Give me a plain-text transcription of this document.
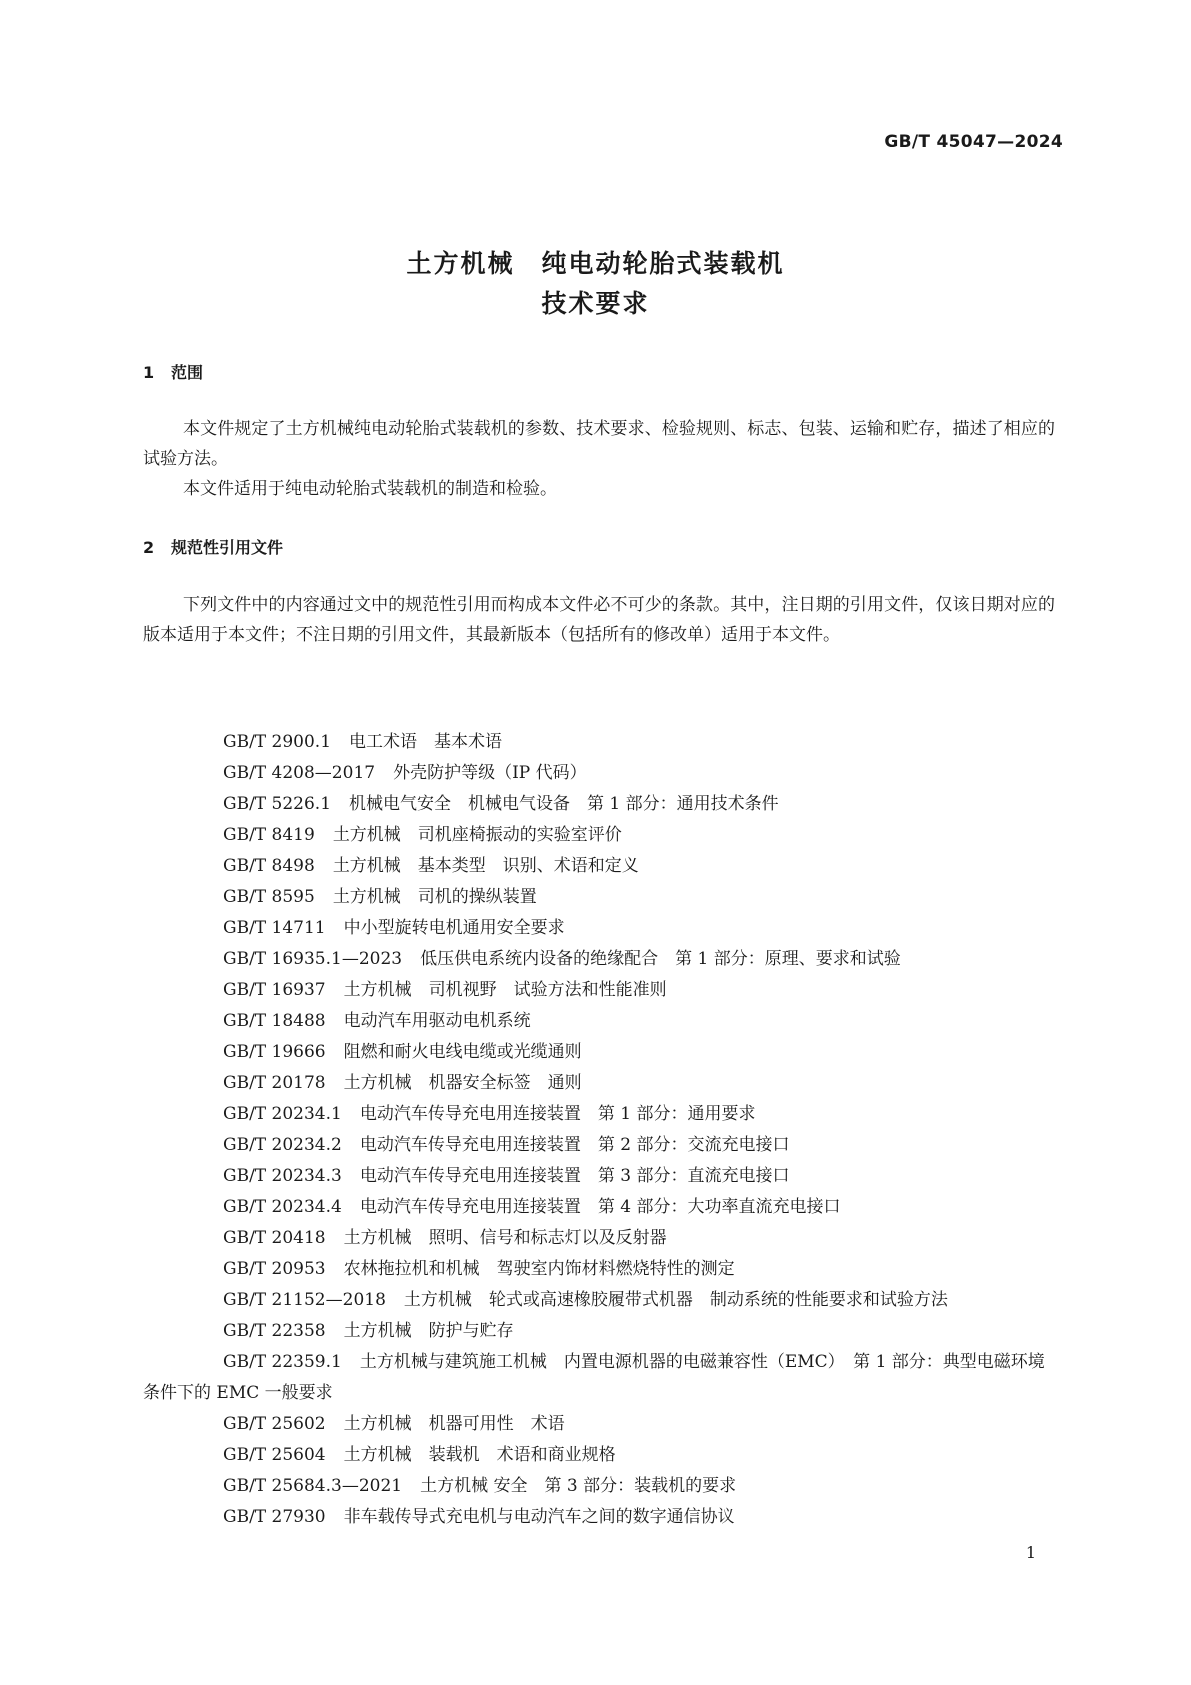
GB/T 45047—2024
土方机械　纯电动轮胎式装载机
技术要求
1 范围
本文件规定了土方机械纯电动轮胎式装载机的参数、技术要求、检验规则、标志、包装、运输和贮存，描述了相应的试验方法。
本文件适用于纯电动轮胎式装载机的制造和检验。
2 规范性引用文件
下列文件中的内容通过文中的规范性引用而构成本文件必不可少的条款。其中，注日期的引用文件，仅该日期对应的版本适用于本文件；不注日期的引用文件，其最新版本（包括所有的修改单）适用于本文件。
GB/T 2900.1 电工术语　基本术语
GB/T 4208—2017 外壳防护等级（IP 代码）
GB/T 5226.1 机械电气安全　机械电气设备　第 1 部分：通用技术条件
GB/T 8419 土方机械　司机座椅振动的实验室评价
GB/T 8498 土方机械　基本类型　识别、术语和定义
GB/T 8595 土方机械　司机的操纵装置
GB/T 14711 中小型旋转电机通用安全要求
GB/T 16935.1—2023 低压供电系统内设备的绝缘配合　第 1 部分：原理、要求和试验
GB/T 16937 土方机械　司机视野　试验方法和性能准则
GB/T 18488 电动汽车用驱动电机系统
GB/T 19666 阻燃和耐火电线电缆或光缆通则
GB/T 20178 土方机械　机器安全标签　通则
GB/T 20234.1 电动汽车传导充电用连接装置　第 1 部分：通用要求
GB/T 20234.2 电动汽车传导充电用连接装置　第 2 部分：交流充电接口
GB/T 20234.3 电动汽车传导充电用连接装置　第 3 部分：直流充电接口
GB/T 20234.4 电动汽车传导充电用连接装置　第 4 部分：大功率直流充电接口
GB/T 20418 土方机械　照明、信号和标志灯以及反射器
GB/T 20953 农林拖拉机和机械　驾驶室内饰材料燃烧特性的测定
GB/T 21152—2018 土方机械　轮式或高速橡胶履带式机器　制动系统的性能要求和试验方法
GB/T 22358 土方机械　防护与贮存
GB/T 22359.1 土方机械与建筑施工机械　内置电源机器的电磁兼容性（EMC）　第 1 部分：典型电磁环境条件下的 EMC 一般要求
GB/T 25602 土方机械　机器可用性　术语
GB/T 25604 土方机械　装载机　术语和商业规格
GB/T 25684.3—2021 土方机械 安全　第 3 部分：装载机的要求
GB/T 27930 非车载传导式充电机与电动汽车之间的数字通信协议
1
